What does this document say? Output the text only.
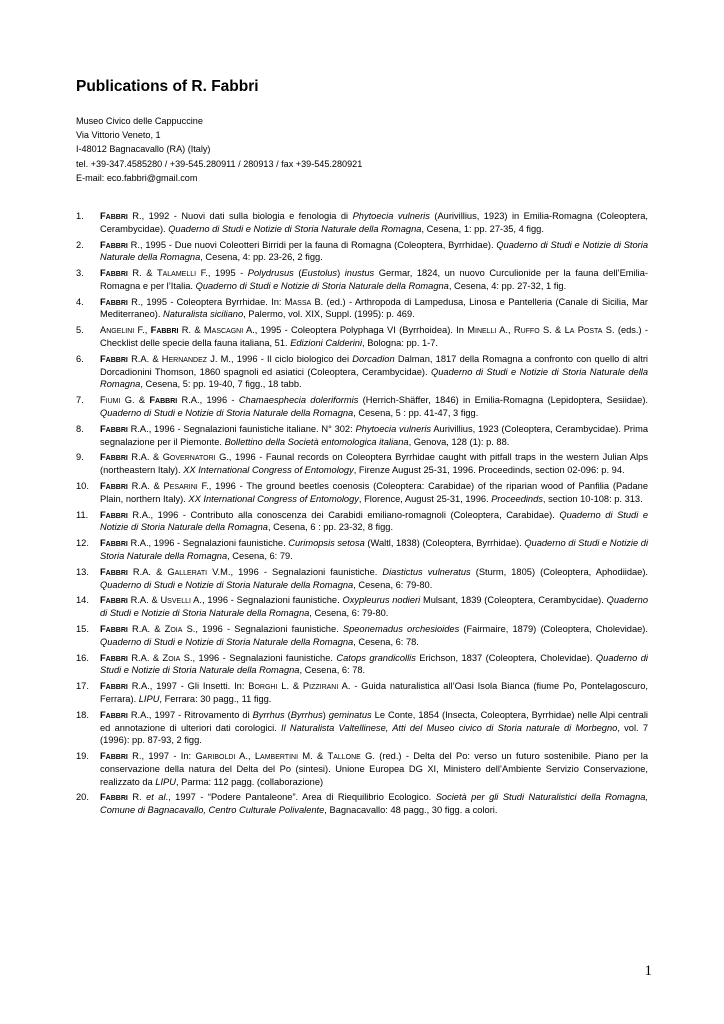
Publications of R. Fabbri
Museo Civico delle Cappuccine
Via Vittorio Veneto, 1
I-48012 Bagnacavallo (RA) (Italy)
tel. +39-347.4585280 / +39-545.280911 / 280913 / fax +39-545.280921
E-mail: eco.fabbri@gmail.com
1. Fabbri R., 1992 - Nuovi dati sulla biologia e fenologia di Phytoecia vulneris (Aurivillius, 1923) in Emilia-Romagna (Coleoptera, Cerambycidae). Quaderno di Studi e Notizie di Storia Naturale della Romagna, Cesena, 1: pp. 27-35, 4 figg.
2. Fabbri R., 1995 - Due nuovi Coleotteri Birridi per la fauna di Romagna (Coleoptera, Byrrhidae). Quaderno di Studi e Notizie di Storia Naturale della Romagna, Cesena, 4: pp. 23-26, 2 figg.
3. Fabbri R. & Talamelli F., 1995 - Polydrusus (Eustolus) inustus Germar, 1824, un nuovo Curculionide per la fauna dell’Emilia-Romagna e per l’Italia. Quaderno di Studi e Notizie di Storia Naturale della Romagna, Cesena, 4: pp. 27-32, 1 fig.
4. Fabbri R., 1995 - Coleoptera Byrrhidae. In: Massa B. (ed.) - Arthropoda di Lampedusa, Linosa e Pantelleria (Canale di Sicilia, Mar Mediterraneo). Naturalista siciliano, Palermo, vol. XIX, Suppl. (1995): p. 469.
5. Angelini F., Fabbri R. & Mascagni A., 1995 - Coleoptera Polyphaga VI (Byrrhoidea). In Minelli A., Ruffo S. & La Posta S. (eds.) - Checklist delle specie della fauna italiana, 51. Edizioni Calderini, Bologna: pp. 1-7.
6. Fabbri R.A. & Hernandez J. M., 1996 - Il ciclo biologico dei Dorcadion Dalman, 1817 della Romagna a confronto con quello di altri Dorcadionini Thomson, 1860 spagnoli ed asiatici (Coleoptera, Cerambycidae). Quaderno di Studi e Notizie di Storia Naturale della Romagna, Cesena, 5: pp. 19-40, 7 figg., 18 tabb.
7. Fiumi G. & Fabbri R.A., 1996 - Chamaesphecia doleriformis (Herrich-Shäffer, 1846) in Emilia-Romagna (Lepidoptera, Sesiidae). Quaderno di Studi e Notizie di Storia Naturale della Romagna, Cesena, 5 : pp. 41-47, 3 figg.
8. Fabbri R.A., 1996 - Segnalazioni faunistiche italiane. N° 302: Phytoecia vulneris Aurivillius, 1923 (Coleoptera, Cerambycidae). Prima segnalazione per il Piemonte. Bollettino della Società entomologica italiana, Genova, 128 (1): p. 88.
9. Fabbri R.A. & Governatori G., 1996 - Faunal records on Coleoptera Byrrhidae caught with pitfall traps in the western Julian Alps (northeastern Italy). XX International Congress of Entomology, Firenze August 25-31, 1996. Proceedinds, section 02-096: p. 94.
10. Fabbri R.A. & Pesarini F., 1996 - The ground beetles coenosis (Coleoptera: Carabidae) of the riparian wood of Panfilia (Padane Plain, northern Italy). XX International Congress of Entomology, Florence, August 25-31, 1996. Proceedinds, section 10-108: p. 313.
11. Fabbri R.A., 1996 - Contributo alla conoscenza dei Carabidi emiliano-romagnoli (Coleoptera, Carabidae). Quaderno di Studi e Notizie di Storia Naturale della Romagna, Cesena, 6 : pp. 23-32, 8 figg.
12. Fabbri R.A., 1996 - Segnalazioni faunistiche. Curimopsis setosa (Waltl, 1838) (Coleoptera, Byrrhidae). Quaderno di Studi e Notizie di Storia Naturale della Romagna, Cesena, 6: 79.
13. Fabbri R.A. & Gallerati V.M., 1996 - Segnalazioni faunistiche. Diastictus vulneratus (Sturm, 1805) (Coleoptera, Aphodiidae). Quaderno di Studi e Notizie di Storia Naturale della Romagna, Cesena, 6: 79-80.
14. Fabbri R.A. & Usvelli A., 1996 - Segnalazioni faunistiche. Oxypleurus nodieri Mulsant, 1839 (Coleoptera, Cerambycidae). Quaderno di Studi e Notizie di Storia Naturale della Romagna, Cesena, 6: 79-80.
15. Fabbri R.A. & Zoia S., 1996 - Segnalazioni faunistiche. Speonemadus orchesioides (Fairmaire, 1879) (Coleoptera, Cholevidae). Quaderno di Studi e Notizie di Storia Naturale della Romagna, Cesena, 6: 78.
16. Fabbri R.A. & Zoia S., 1996 - Segnalazioni faunistiche. Catops grandicollis Erichson, 1837 (Coleoptera, Cholevidae). Quaderno di Studi e Notizie di Storia Naturale della Romagna, Cesena, 6: 78.
17. Fabbri R.A., 1997 - Gli Insetti. In: Borghi L. & Pizzirani A. - Guida naturalistica all’Oasi Isola Bianca (fiume Po, Pontelagoscuro, Ferrara). LIPU, Ferrara: 30 pagg., 11 figg.
18. Fabbri R.A., 1997 - Ritrovamento di Byrrhus (Byrrhus) geminatus Le Conte, 1854 (Insecta, Coleoptera, Byrrhidae) nelle Alpi centrali ed annotazione di ulteriori dati corologici. Il Naturalista Valtellinese, Atti del Museo civico di Storia naturale di Morbegno, vol. 7 (1996): pp. 87-93, 2 figg.
19. Fabbri R., 1997 - In: Gariboldi A., Lambertini M. & Tallone G. (red.) - Delta del Po: verso un futuro sostenibile. Piano per la conservazione della natura del Delta del Po (sintesi). Unione Europea DG XI, Ministero dell’Ambiente Servizio Conservazione, realizzato da LIPU, Parma: 112 pagg. (collaborazione)
20. Fabbri R. et al., 1997 - “Podere Pantaleone”. Area di Riequilibrio Ecologico. Società per gli Studi Naturalistici della Romagna, Comune di Bagnacavallo, Centro Culturale Polivalente, Bagnacavallo: 48 pagg., 30 figg. a colori.
1
